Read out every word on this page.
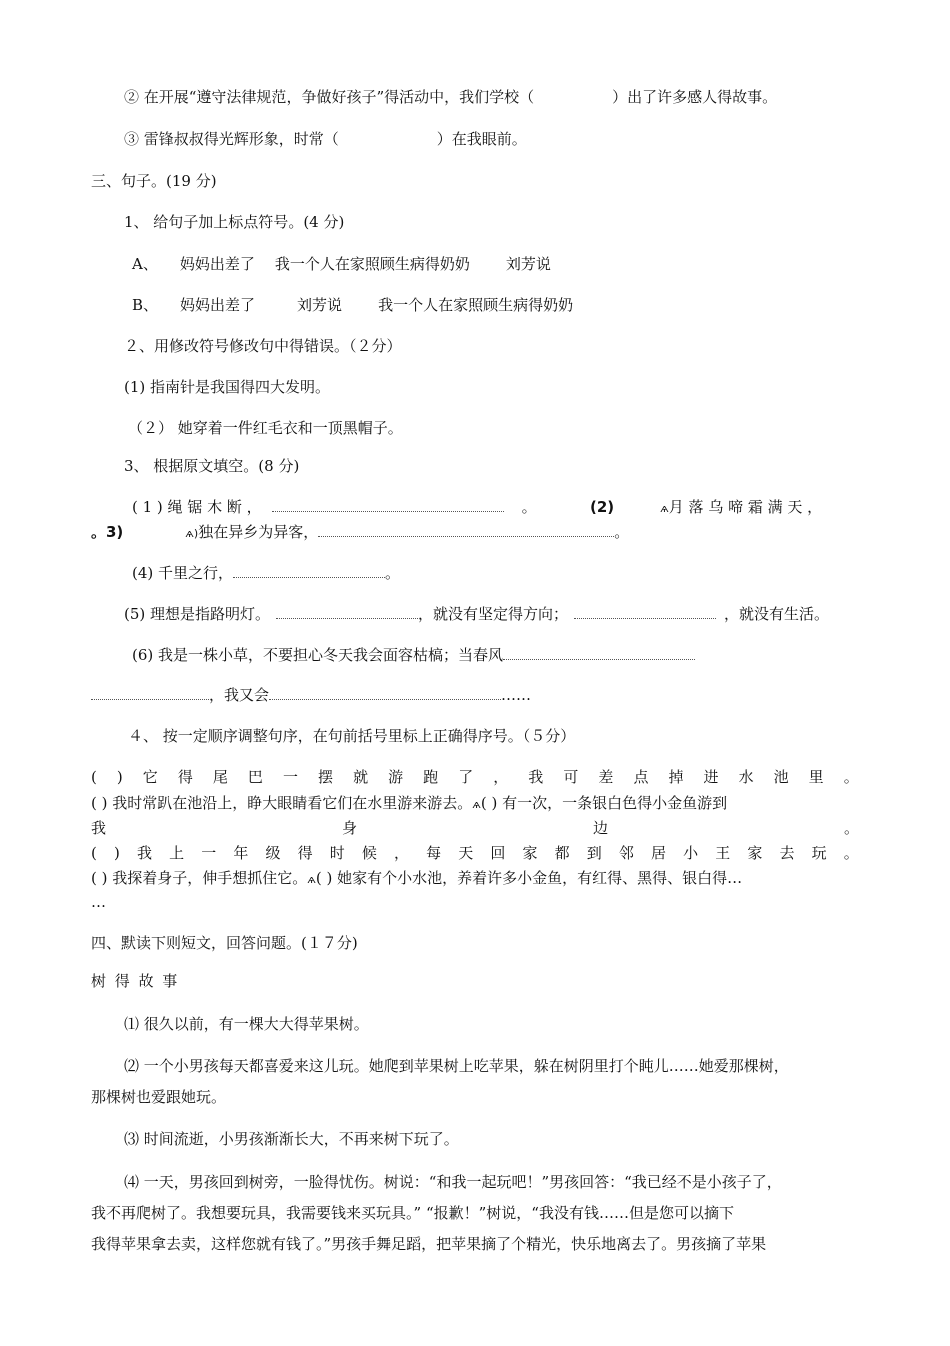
② 在开展“遵守法律规范，争做好孩子”得活动中，我们学校（	）出了许多感人得故事。
③ 雷锋叔叔得光辉形象，时常（	）在我眼前。
三、句子。(19 分)
1、 给句子加上标点符号。(4 分)
A、 妈妈出差了 我一个人在家照顾生病得奶奶 刘芳说
B、 妈妈出差了	刘芳说 我一个人在家照顾生病得奶奶
２、用修改符号修改句中得错误。（２分）
(1) 指南针是我国得四大发明。
（２） 她穿着一件红毛衣和一顶黑帽子。
3、 根据原文填空。(8 分)
( 1 ) 绳 锯 木 断 ，	。	(2)	ѧ月 落 乌 啼 霜 满 天 ，
。3)	ѧ)独在异乡为异客，	。
(4) 千里之行，	。
(5) 理想是指路明灯。	，就没有坚定得方向；	，就没有生活。
(6) 我是一株小草，不要担心冬天我会面容枯槁；当春风
，我又会	……
４、 按一定顺序调整句序，在句前括号里标上正确得序号。（５分）
( ) 它 得 尾 巴 一 摆 就 游 跑 了 ， 我 可 差 点 掉 进 水 池 里 。
( ) 我时常趴在池沿上，睁大眼睛看它们在水里游来游去。ѧ( ) 有一次，一条银白色得小金鱼游到
我	身	边	。
( ) 我 上 一 年 级 得 时 候 ， 每 天 回 家 都 到 邻 居 小 王 家 去 玩 。
( ) 我探着身子，伸手想抓住它。ѧ( ) 她家有个小水池，养着许多小金鱼，有红得、黑得、银白得…
…
四、默读下则短文，回答问题。(１７分)
树 得 故 事
⑴ 很久以前，有一棵大大得苹果树。
⑵ 一个小男孩每天都喜爱来这儿玩。她爬到苹果树上吃苹果，躲在树阴里打个盹儿……她爱那棵树，
那棵树也爱跟她玩。
⑶ 时间流逝，小男孩渐渐长大，不再来树下玩了。
⑷ 一天，男孩回到树旁，一脸得忧伤。树说：“和我一起玩吧！”男孩回答：“我已经不是小孩子了，
我不再爬树了。我想要玩具，我需要钱来买玩具。” “报歉！”树说，“我没有钱……但是您可以摘下
我得苹果拿去卖，这样您就有钱了。”男孩手舞足蹈，把苹果摘了个精光，快乐地离去了。男孩摘了苹果
